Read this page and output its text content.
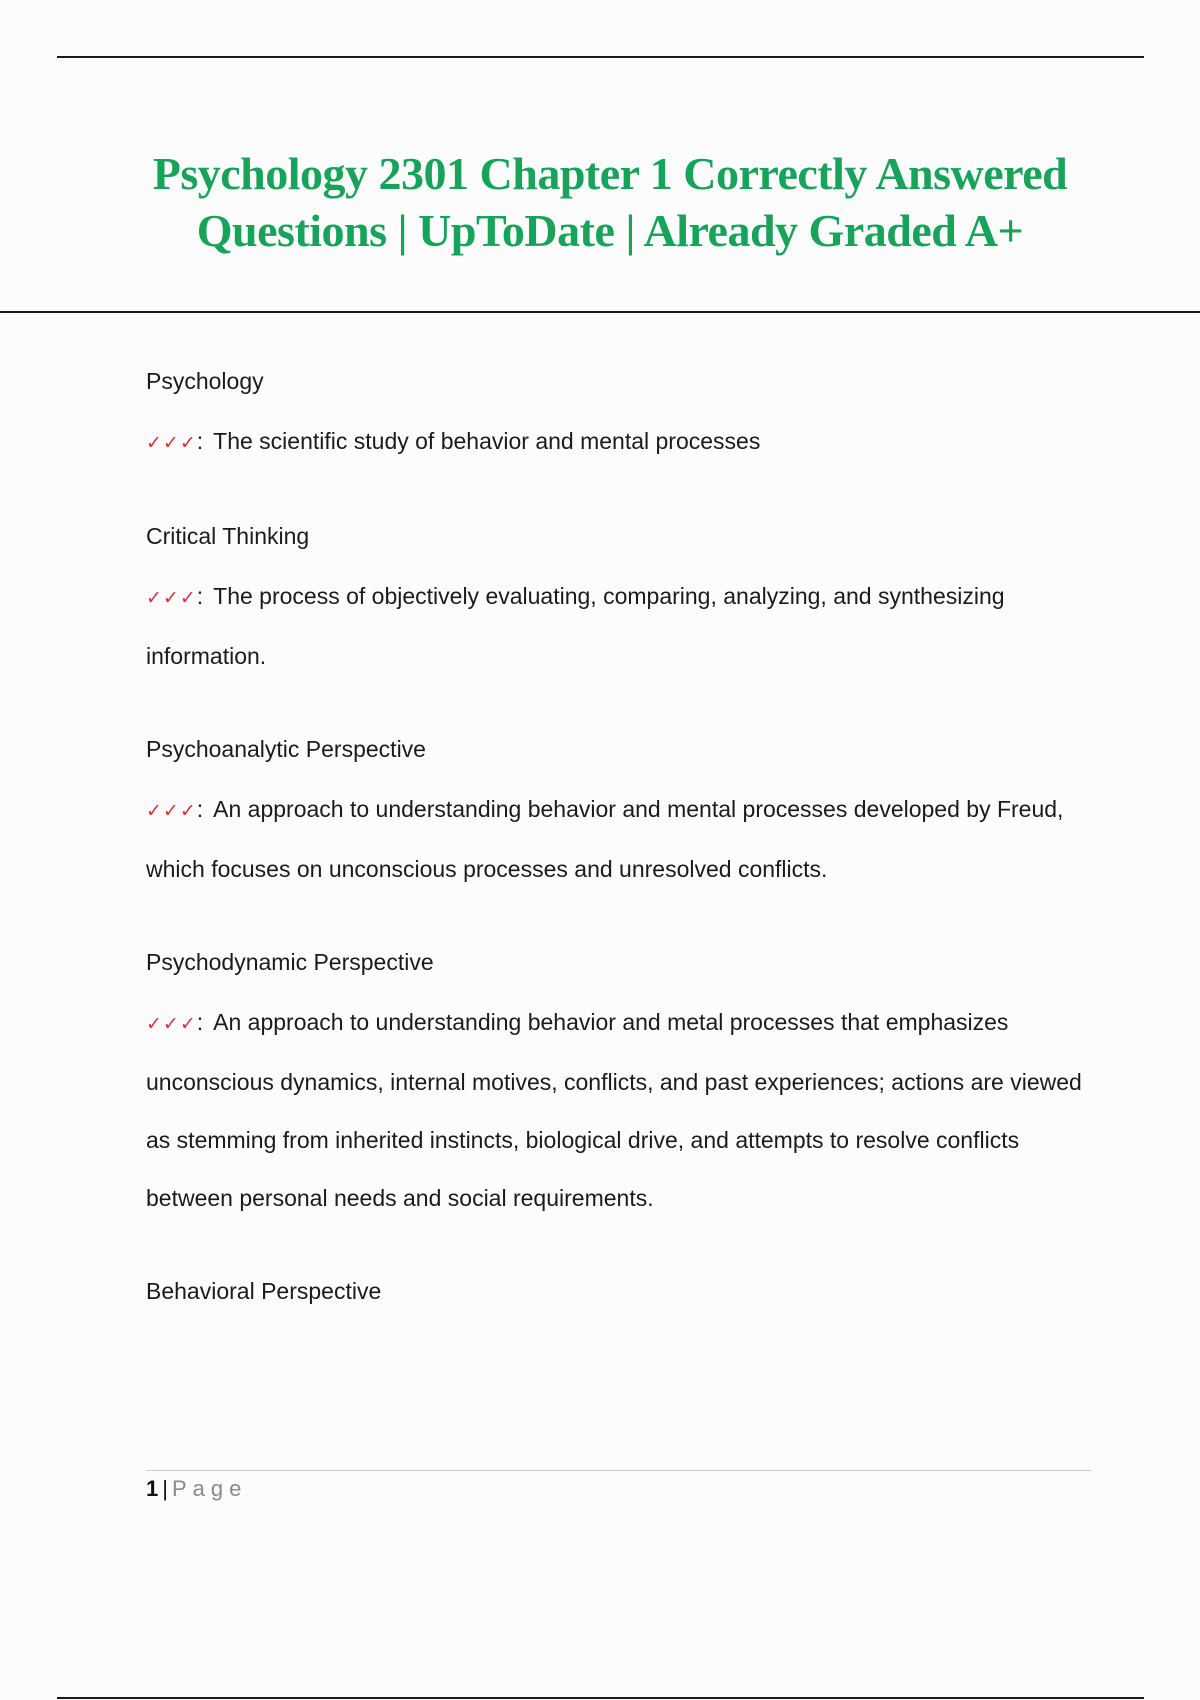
Psychology 2301 Chapter 1 Correctly Answered Questions | UpToDate | Already Graded A+

Psychology

✓✓✓: The scientific study of behavior and mental processes

Critical Thinking

✓✓✓: The process of objectively evaluating, comparing, analyzing, and synthesizing information.

Psychoanalytic Perspective

✓✓✓: An approach to understanding behavior and mental processes developed by Freud, which focuses on unconscious processes and unresolved conflicts.

Psychodynamic Perspective

✓✓✓: An approach to understanding behavior and metal processes that emphasizes unconscious dynamics, internal motives, conflicts, and past experiences; actions are viewed as stemming from inherited instincts, biological drive, and attempts to resolve conflicts between personal needs and social requirements.

Behavioral Perspective

1 | Page
